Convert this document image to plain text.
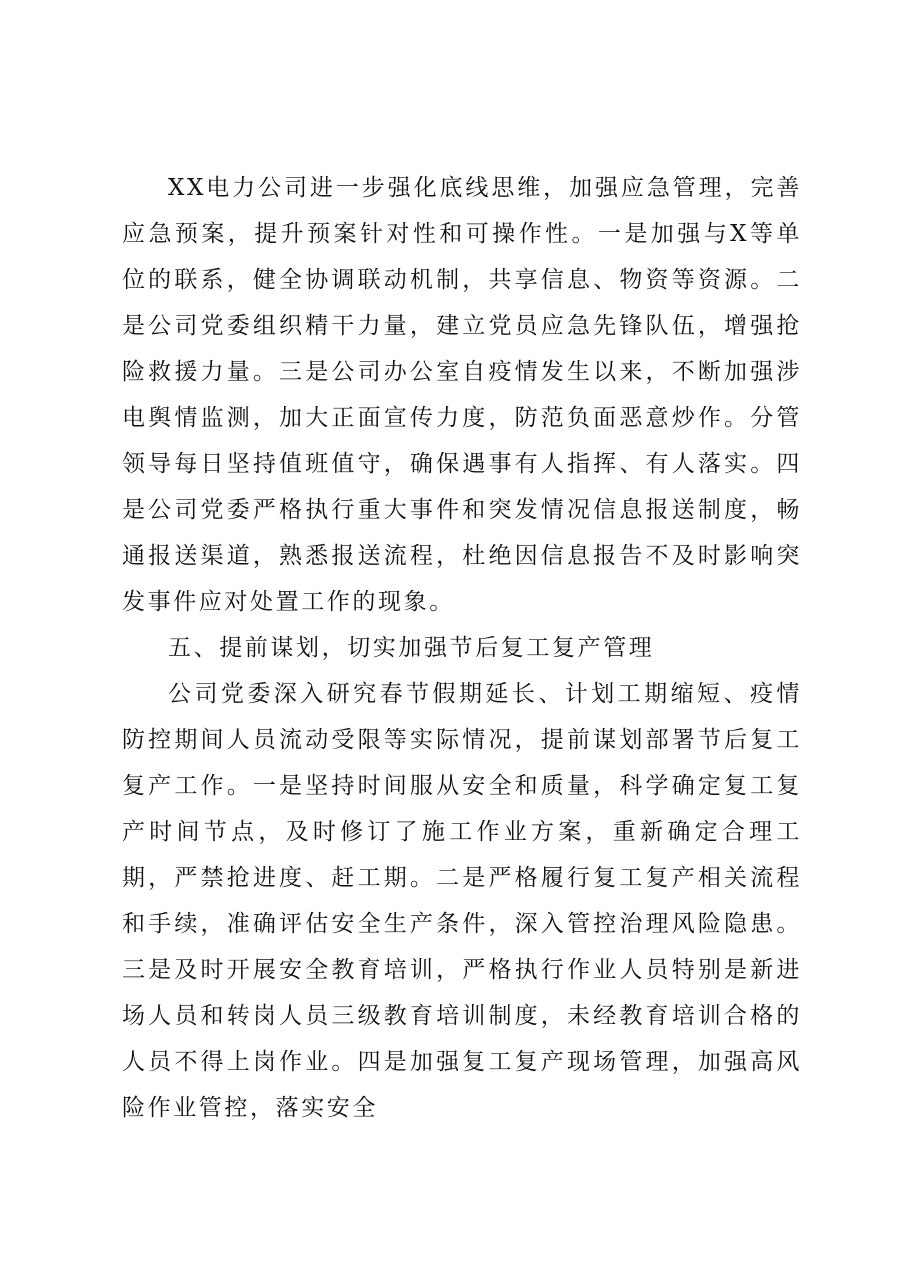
XX电力公司进一步强化底线思维，加强应急管理，完善应急预案，提升预案针对性和可操作性。一是加强与X等单位的联系，健全协调联动机制，共享信息、物资等资源。二是公司党委组织精干力量，建立党员应急先锋队伍，增强抢险救援力量。三是公司办公室自疫情发生以来，不断加强涉电舆情监测，加大正面宣传力度，防范负面恶意炒作。分管领导每日坚持值班值守，确保遇事有人指挥、有人落实。四是公司党委严格执行重大事件和突发情况信息报送制度，畅通报送渠道，熟悉报送流程，杜绝因信息报告不及时影响突发事件应对处置工作的现象。

五、提前谋划，切实加强节后复工复产管理

公司党委深入研究春节假期延长、计划工期缩短、疫情防控期间人员流动受限等实际情况，提前谋划部署节后复工复产工作。一是坚持时间服从安全和质量，科学确定复工复产时间节点，及时修订了施工作业方案，重新确定合理工期，严禁抢进度、赶工期。二是严格履行复工复产相关流程和手续，准确评估安全生产条件，深入管控治理风险隐患。三是及时开展安全教育培训，严格执行作业人员特别是新进场人员和转岗人员三级教育培训制度，未经教育培训合格的人员不得上岗作业。四是加强复工复产现场管理，加强高风险作业管控，落实安全
